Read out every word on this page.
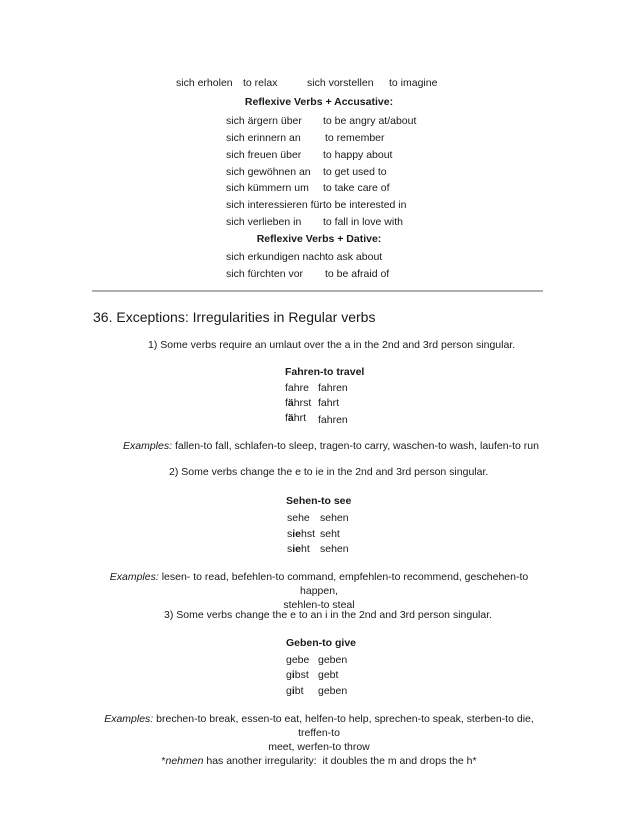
sich erholen to relax	sich vorstellen to imagine
Reflexive Verbs + Accusative:
sich ärgern über to be angry at/about
sich erinnern an to remember
sich freuen über to happy about
sich gewöhnen an to get used to
sich kümmern um to take care of
sich interessieren für to be interested in
sich verlieben in to fall in love with
Reflexive Verbs + Dative:
sich erkundigen nach to ask about
sich fürchten vor to be afraid of
36. Exceptions: Irregularities in Regular verbs
1) Some verbs require an umlaut over the a in the 2nd and 3rd person singular.
Fahren-to travel
fahre fahren
fährst fahrt
fährt fahren
Examples: fallen-to fall, schlafen-to sleep, tragen-to carry, waschen-to wash, laufen-to run
2) Some verbs change the e to ie in the 2nd and 3rd person singular.
Sehen-to see
sehe sehen
siehst seht
sieht sehen
Examples: lesen- to read, befehlen-to command, empfehlen-to recommend, geschehen-to happen,
stehlen-to steal
3) Some verbs change the e to an i in the 2nd and 3rd person singular.
Geben-to give
gebe geben
gibst gebt
gibt geben
Examples: brechen-to break, essen-to eat, helfen-to help, sprechen-to speak, sterben-to die, treffen-to
meet, werfen-to throw
*nehmen has another irregularity:  it doubles the m and drops the h*
